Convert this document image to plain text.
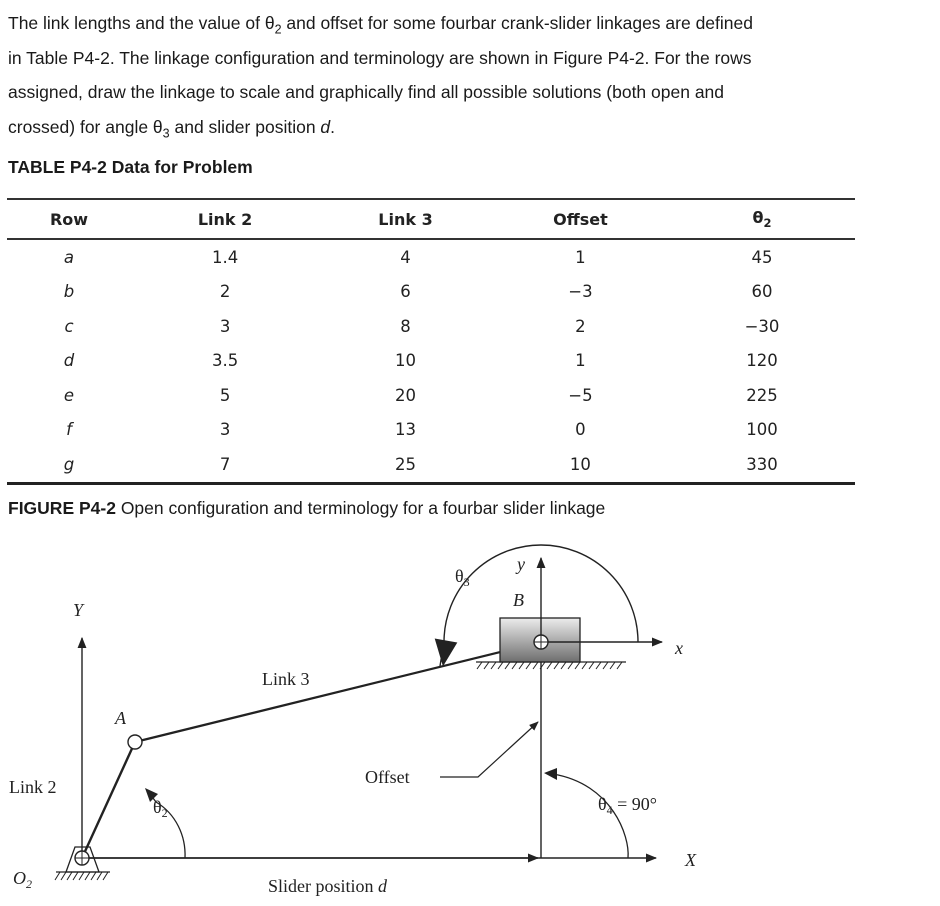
The link lengths and the value of $\theta_2$ and offset for some fourbar crank-slider linkages are defined
in Table P4-2. The linkage configuration and terminology are shown in Figure P4-2. For the rows
assigned, draw the linkage to scale and graphically find all possible solutions (both open and
crossed) for angle $\theta_3$ and slider position d.

TABLE P4-2 Data for Problem

Row	Link 2	Link 3	Offset	$\theta_2$
a	1.4	4	1	45
b	2	6	−3	60
c	3	8	2	−30
d	3.5	10	1	120
e	5	20	−5	225
f	3	13	0	100
g	7	25	10	330

FIGURE P4-2 Open configuration and terminology for a fourbar slider linkage

$\theta_3$
y
B
x
Y
Link 3
A
Link 2
$\theta_2$
Offset
$\theta_4 = 90^\circ$
$O_2$
X
Slider position d
